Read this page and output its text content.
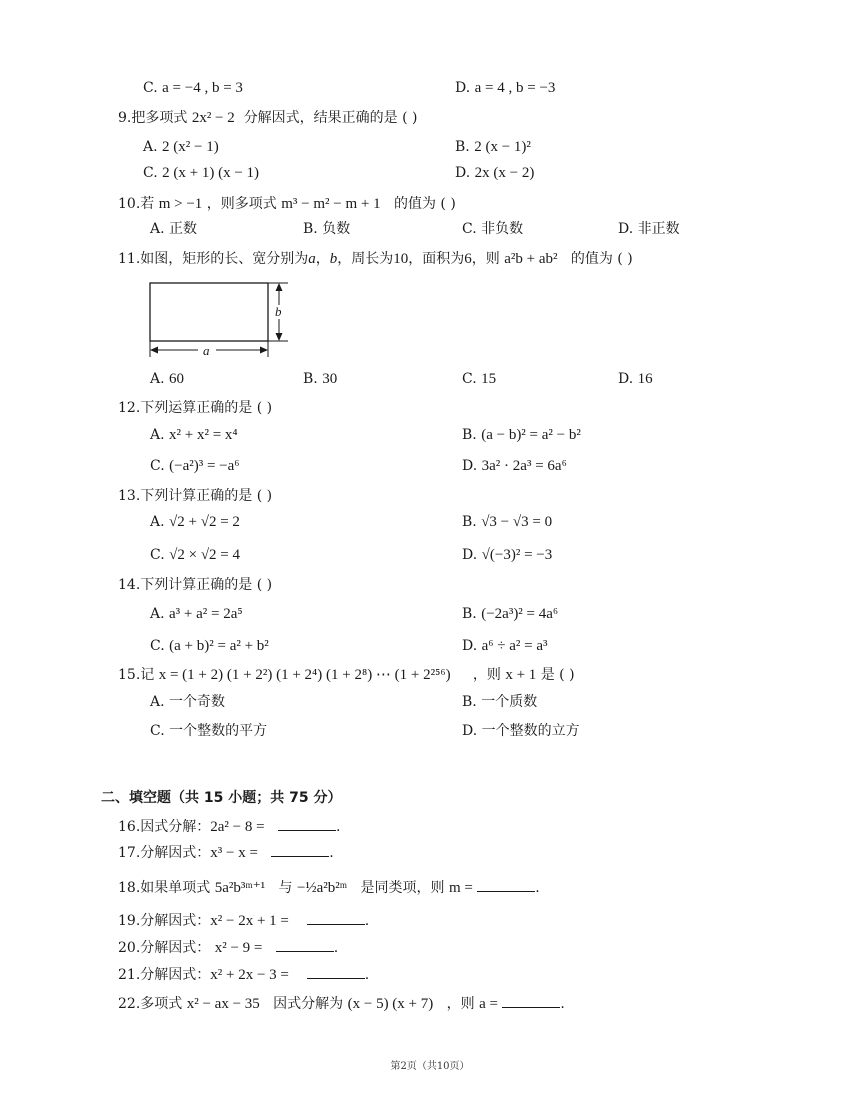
C. a = −4 , b = 3	D. a = 4 , b = −3
9.把多项式 2x² − 2 分解因式，结果正确的是 ( )
A. 2 (x² − 1)	B. 2 (x − 1)²
C. 2 (x + 1) (x − 1)	D. 2x (x − 2)
10.若 m > −1 ，则多项式 m³ − m² − m + 1 的值为 ( )
A. 正数	B. 负数	C. 非负数	D. 非正数
11.如图，矩形的长、宽分别为a，b，周长为10，面积为6，则 a²b + ab² 的值为 ( )
b
a
A. 60	B. 30	C. 15	D. 16
12.下列运算正确的是 ( )
A. x² + x² = x⁴	B. (a − b)² = a² − b²
C. (−a²)³ = −a⁶	D. 3a² · 2a³ = 6a⁶
13.下列计算正确的是 ( )
A. √2 + √2 = 2	B. √3 − √3 = 0
C. √2 × √2 = 4	D. √(−3)² = −3
14.下列计算正确的是 ( )
A. a³ + a² = 2a⁵	B. (−2a³)² = 4a⁶
C. (a + b)² = a² + b²	D. a⁶ ÷ a² = a³
15.记 x = (1 + 2) (1 + 2²) (1 + 2⁴) (1 + 2⁸) ⋯ (1 + 2²⁵⁶) ，则 x + 1 是 ( )
A. 一个奇数	B. 一个质数
C. 一个整数的平方	D. 一个整数的立方
二、填空题（共 15 小题；共 75 分）
16.因式分解：2a² − 8 =	.
17.分解因式：x³ − x =	.
18.如果单项式 5a²b³ᵐ⁺¹ 与 −½a²b²ᵐ 是同类项，则 m =	.
19.分解因式：x² − 2x + 1 =	.
20.分解因式： x² − 9 =	.
21.分解因式：x² + 2x − 3 =	.
22.多项式 x² − ax − 35 因式分解为 (x − 5) (x + 7) ，则 a =	.
第2页（共10页）
